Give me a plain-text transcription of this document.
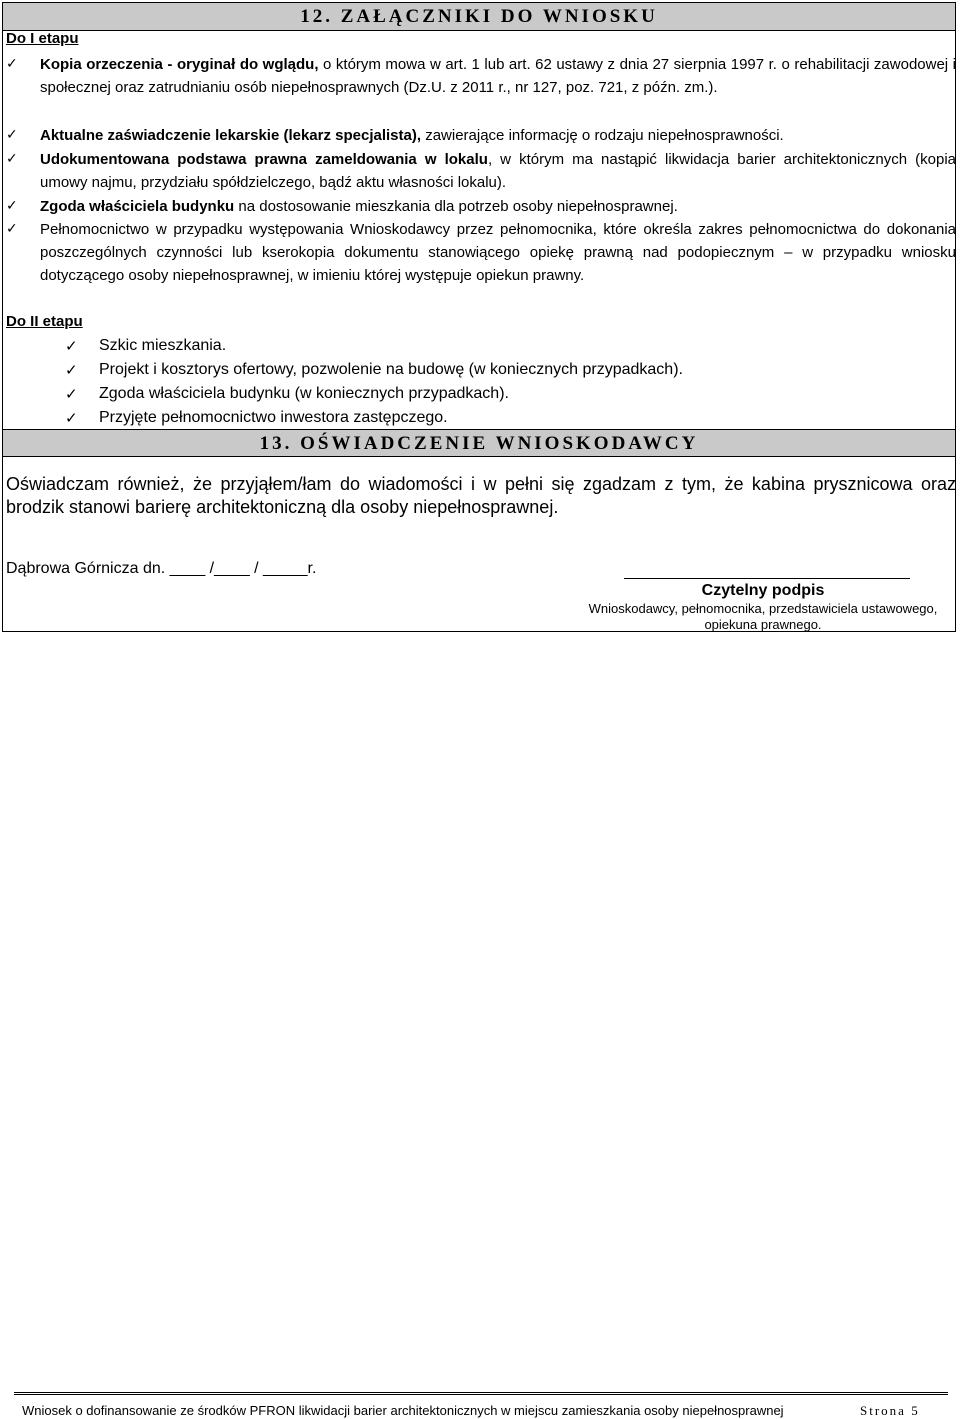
12. ZAŁĄCZNIKI DO WNIOSKU
Do I etapu
✓ Kopia orzeczenia - oryginał do wglądu, o którym mowa w art. 1 lub art. 62 ustawy z dnia 27 sierpnia 1997 r. o rehabilitacji zawodowej i społecznej oraz zatrudnianiu osób niepełnosprawnych (Dz.U. z 2011 r., nr 127, poz. 721, z późn. zm.).
✓ Aktualne zaświadczenie lekarskie (lekarz specjalista), zawierające informację o rodzaju niepełnosprawności.
✓ Udokumentowana podstawa prawna zameldowania w lokalu, w którym ma nastąpić likwidacja barier architektonicznych (kopia umowy najmu, przydziału spółdzielczego, bądź aktu własności lokalu).
✓ Zgoda właściciela budynku na dostosowanie mieszkania dla potrzeb osoby niepełnosprawnej.
✓ Pełnomocnictwo w przypadku występowania Wnioskodawcy przez pełnomocnika, które określa zakres pełnomocnictwa do dokonania poszczególnych czynności lub kserokopia dokumentu stanowiącego opiekę prawną nad podopiecznym – w przypadku wniosku dotyczącego osoby niepełnosprawnej, w imieniu której występuje opiekun prawny.
Do II etapu
✓ Szkic mieszkania.
✓ Projekt i kosztorys ofertowy, pozwolenie na budowę (w koniecznych przypadkach).
✓ Zgoda właściciela budynku (w koniecznych przypadkach).
✓ Przyjęte pełnomocnictwo inwestora zastępczego.
13. OŚWIADCZENIE WNIOSKODAWCY
Oświadczam również, że przyjąłem/łam do wiadomości i w pełni się zgadzam z tym, że kabina prysznicowa oraz brodzik stanowi barierę architektoniczną dla osoby niepełnosprawnej.
Dąbrowa Górnicza dn. ____ /____ / _____r.
Czytelny podpis
Wnioskodawcy, pełnomocnika, przedstawiciela ustawowego, opiekuna prawnego.
Wniosek o dofinansowanie ze środków PFRON likwidacji barier architektonicznych w miejscu zamieszkania osoby niepełnosprawnej	Strona 5
